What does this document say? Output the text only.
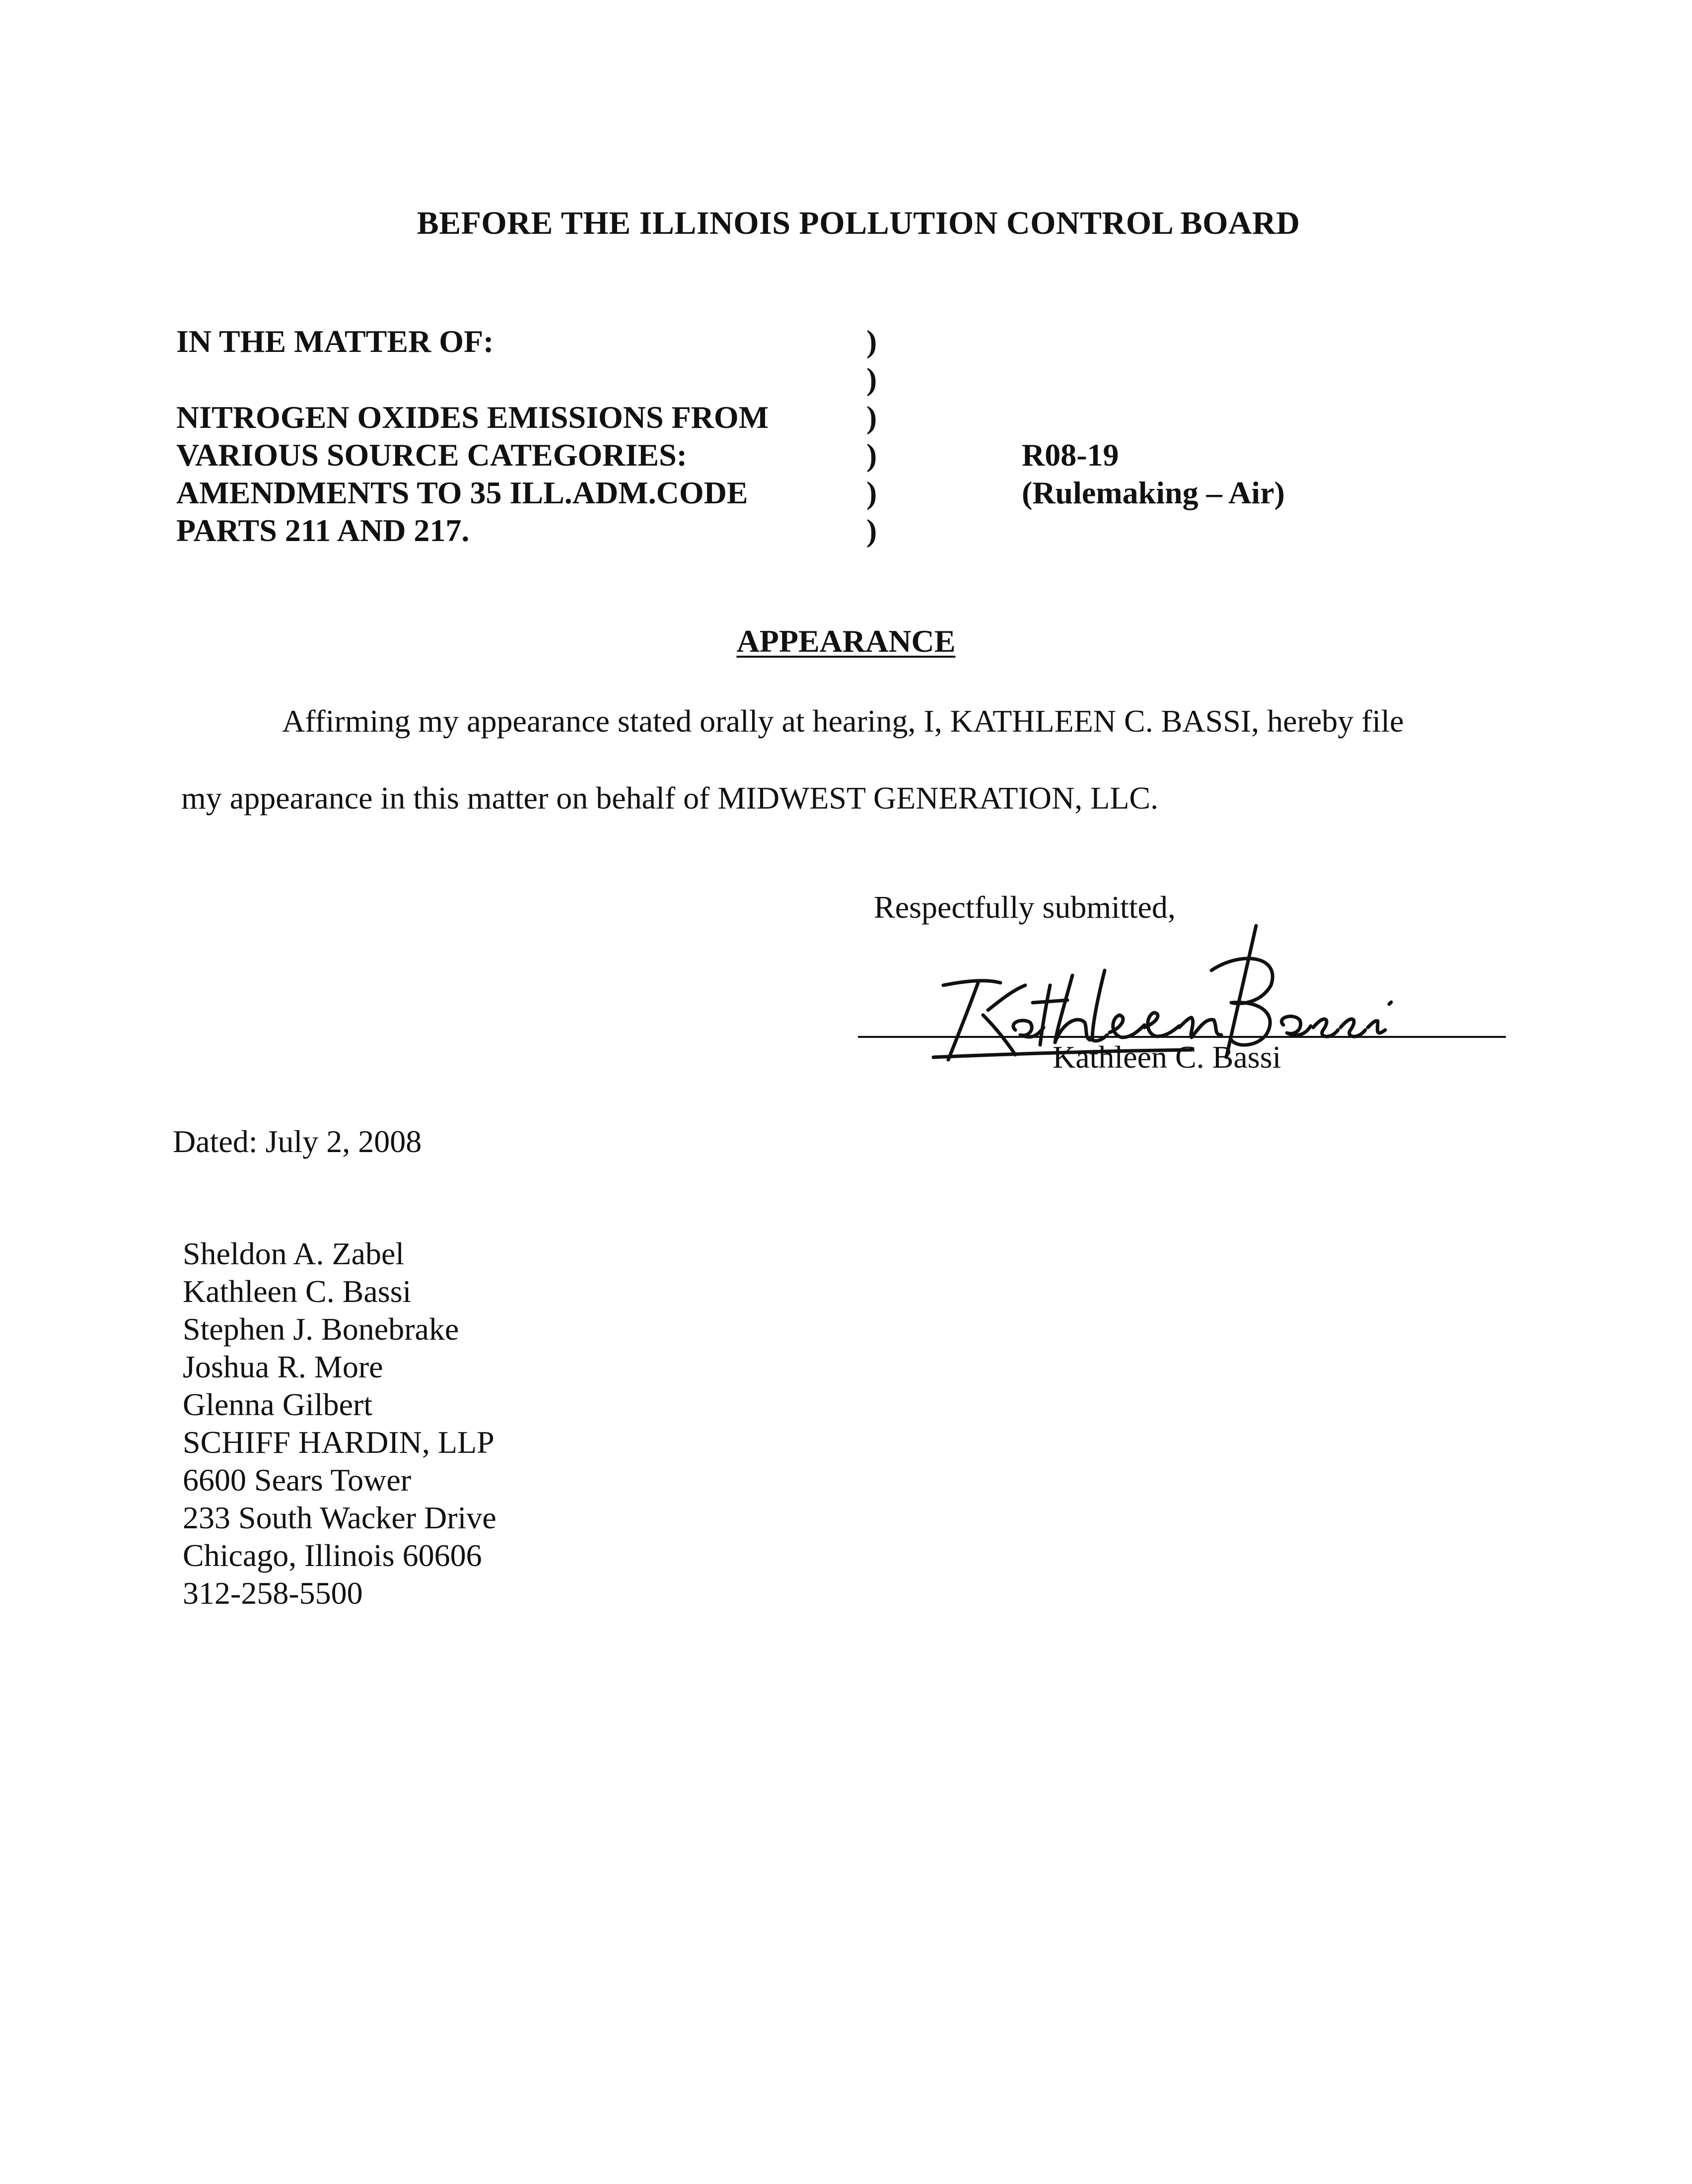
BEFORE THE ILLINOIS POLLUTION CONTROL BOARD
IN THE MATTER OF:
NITROGEN OXIDES EMISSIONS FROM
VARIOUS SOURCE CATEGORIES:
AMENDMENTS TO 35 ILL.ADM.CODE
PARTS 211 AND 217.
)
)
)
)
)
)
R08-19
(Rulemaking – Air)
APPEARANCE
Affirming my appearance stated orally at hearing, I, KATHLEEN C. BASSI, hereby file
my appearance in this matter on behalf of MIDWEST GENERATION, LLC.
Respectfully submitted,
Kathleen C. Bassi
Dated: July 2, 2008
Sheldon A. Zabel
Kathleen C. Bassi
Stephen J. Bonebrake
Joshua R. More
Glenna Gilbert
SCHIFF HARDIN, LLP
6600 Sears Tower
233 South Wacker Drive
Chicago, Illinois 60606
312-258-5500
